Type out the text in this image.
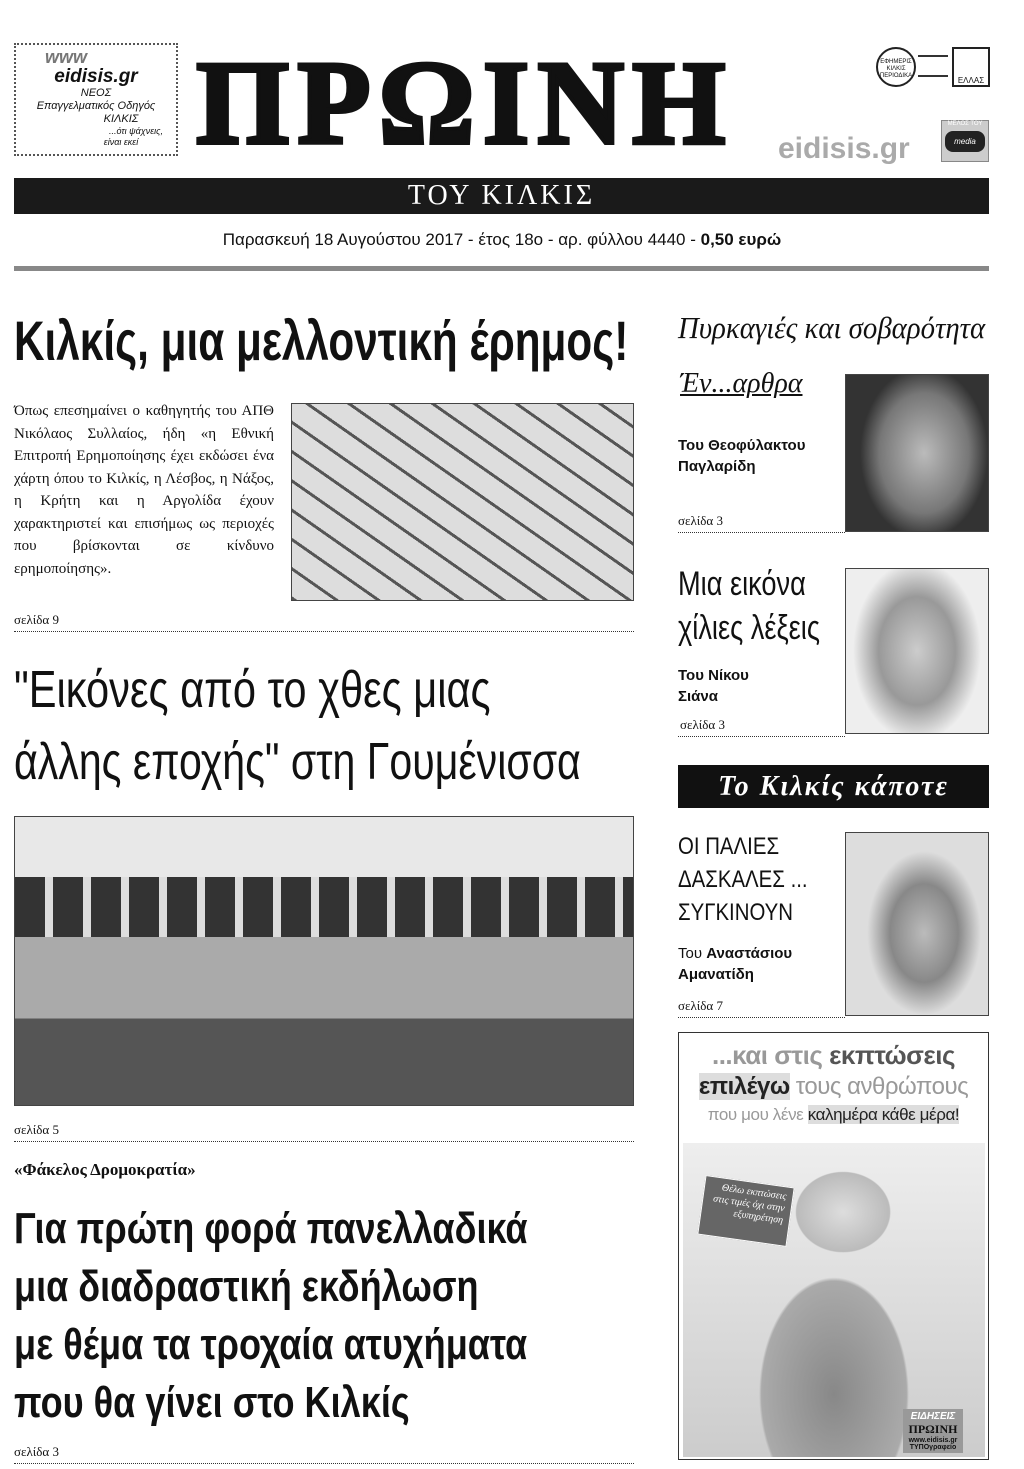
www
eidisis.gr
ΝΕΟΣ
Επαγγελματικός Οδηγός
ΚΙΛΚΙΣ
...ότι ψάχνεις,
είναι εκεί ΠΡΩΙΝΗ	eidisis.gr
ΕΦΗΜΕΡΙΣ ΚΙΛΚΙΣ ΠΕΡΙΟΔΙΚΑ	ΕΛΛΑΣ
ΜΕΛΟΣ ΤΟΥ
media
ΤΟΥ ΚΙΛΚΙΣ
Παρασκευή 18 Αυγούστου 2017 - έτος 18ο - αρ. φύλλου 4440 - 0,50 ευρώ
Κιλκίς, μια μελλοντική έρημος!
Όπως επεσημαίνει ο καθηγητής του ΑΠΘ Νικόλαος Συλλαίος, ήδη «η Εθνική Επιτροπή Ερημοποίησης έχει εκδώσει ένα χάρτη όπου το Κιλκίς, η Λέσβος, η Νάξος, η Κρήτη και η Αργολίδα έχουν χαρακτηριστεί και επισήμως ως περιοχές που βρίσκονται σε κίνδυνο ερημοποίησης».
σελίδα 9
"Εικόνες από το χθες μιας
άλλης εποχής" στη Γουμένισσα
σελίδα 5
«Φάκελος Δρομοκρατία»
Για πρώτη φορά πανελλαδικά
μια διαδραστική εκδήλωση
με θέμα τα τροχαία ατυχήματα
που θα γίνει στο Κιλκίς
σελίδα 3
Πυρκαγιές και σοβαρότητα
Έν...αρθρα
Του Θεοφύλακτου
Παγλαρίδη
σελίδα 3
Μια εικόνα
χίλιες λέξεις
Του Νίκου
Σιάνα
σελίδα 3
Το Κιλκίς κάποτε
ΟΙ ΠΑΛΙΕΣ
ΔΑΣΚΑΛΕΣ ...
ΣΥΓΚΙΝΟΥΝ
Του Αναστάσιου
Αμανατίδη
σελίδα 7
...και στις εκπτώσεις
επιλέγω τους ανθρώπους
που μου λένε καλημέρα κάθε μέρα!
Θέλω εκπτώσεις στις τιμές όχι στην εξυπηρέτηση
ΕΙΔΗΣΕΙΣ
ΠΡΩΙΝΗ
www.eidisis.gr
ΤΥΠΟγραφείο
